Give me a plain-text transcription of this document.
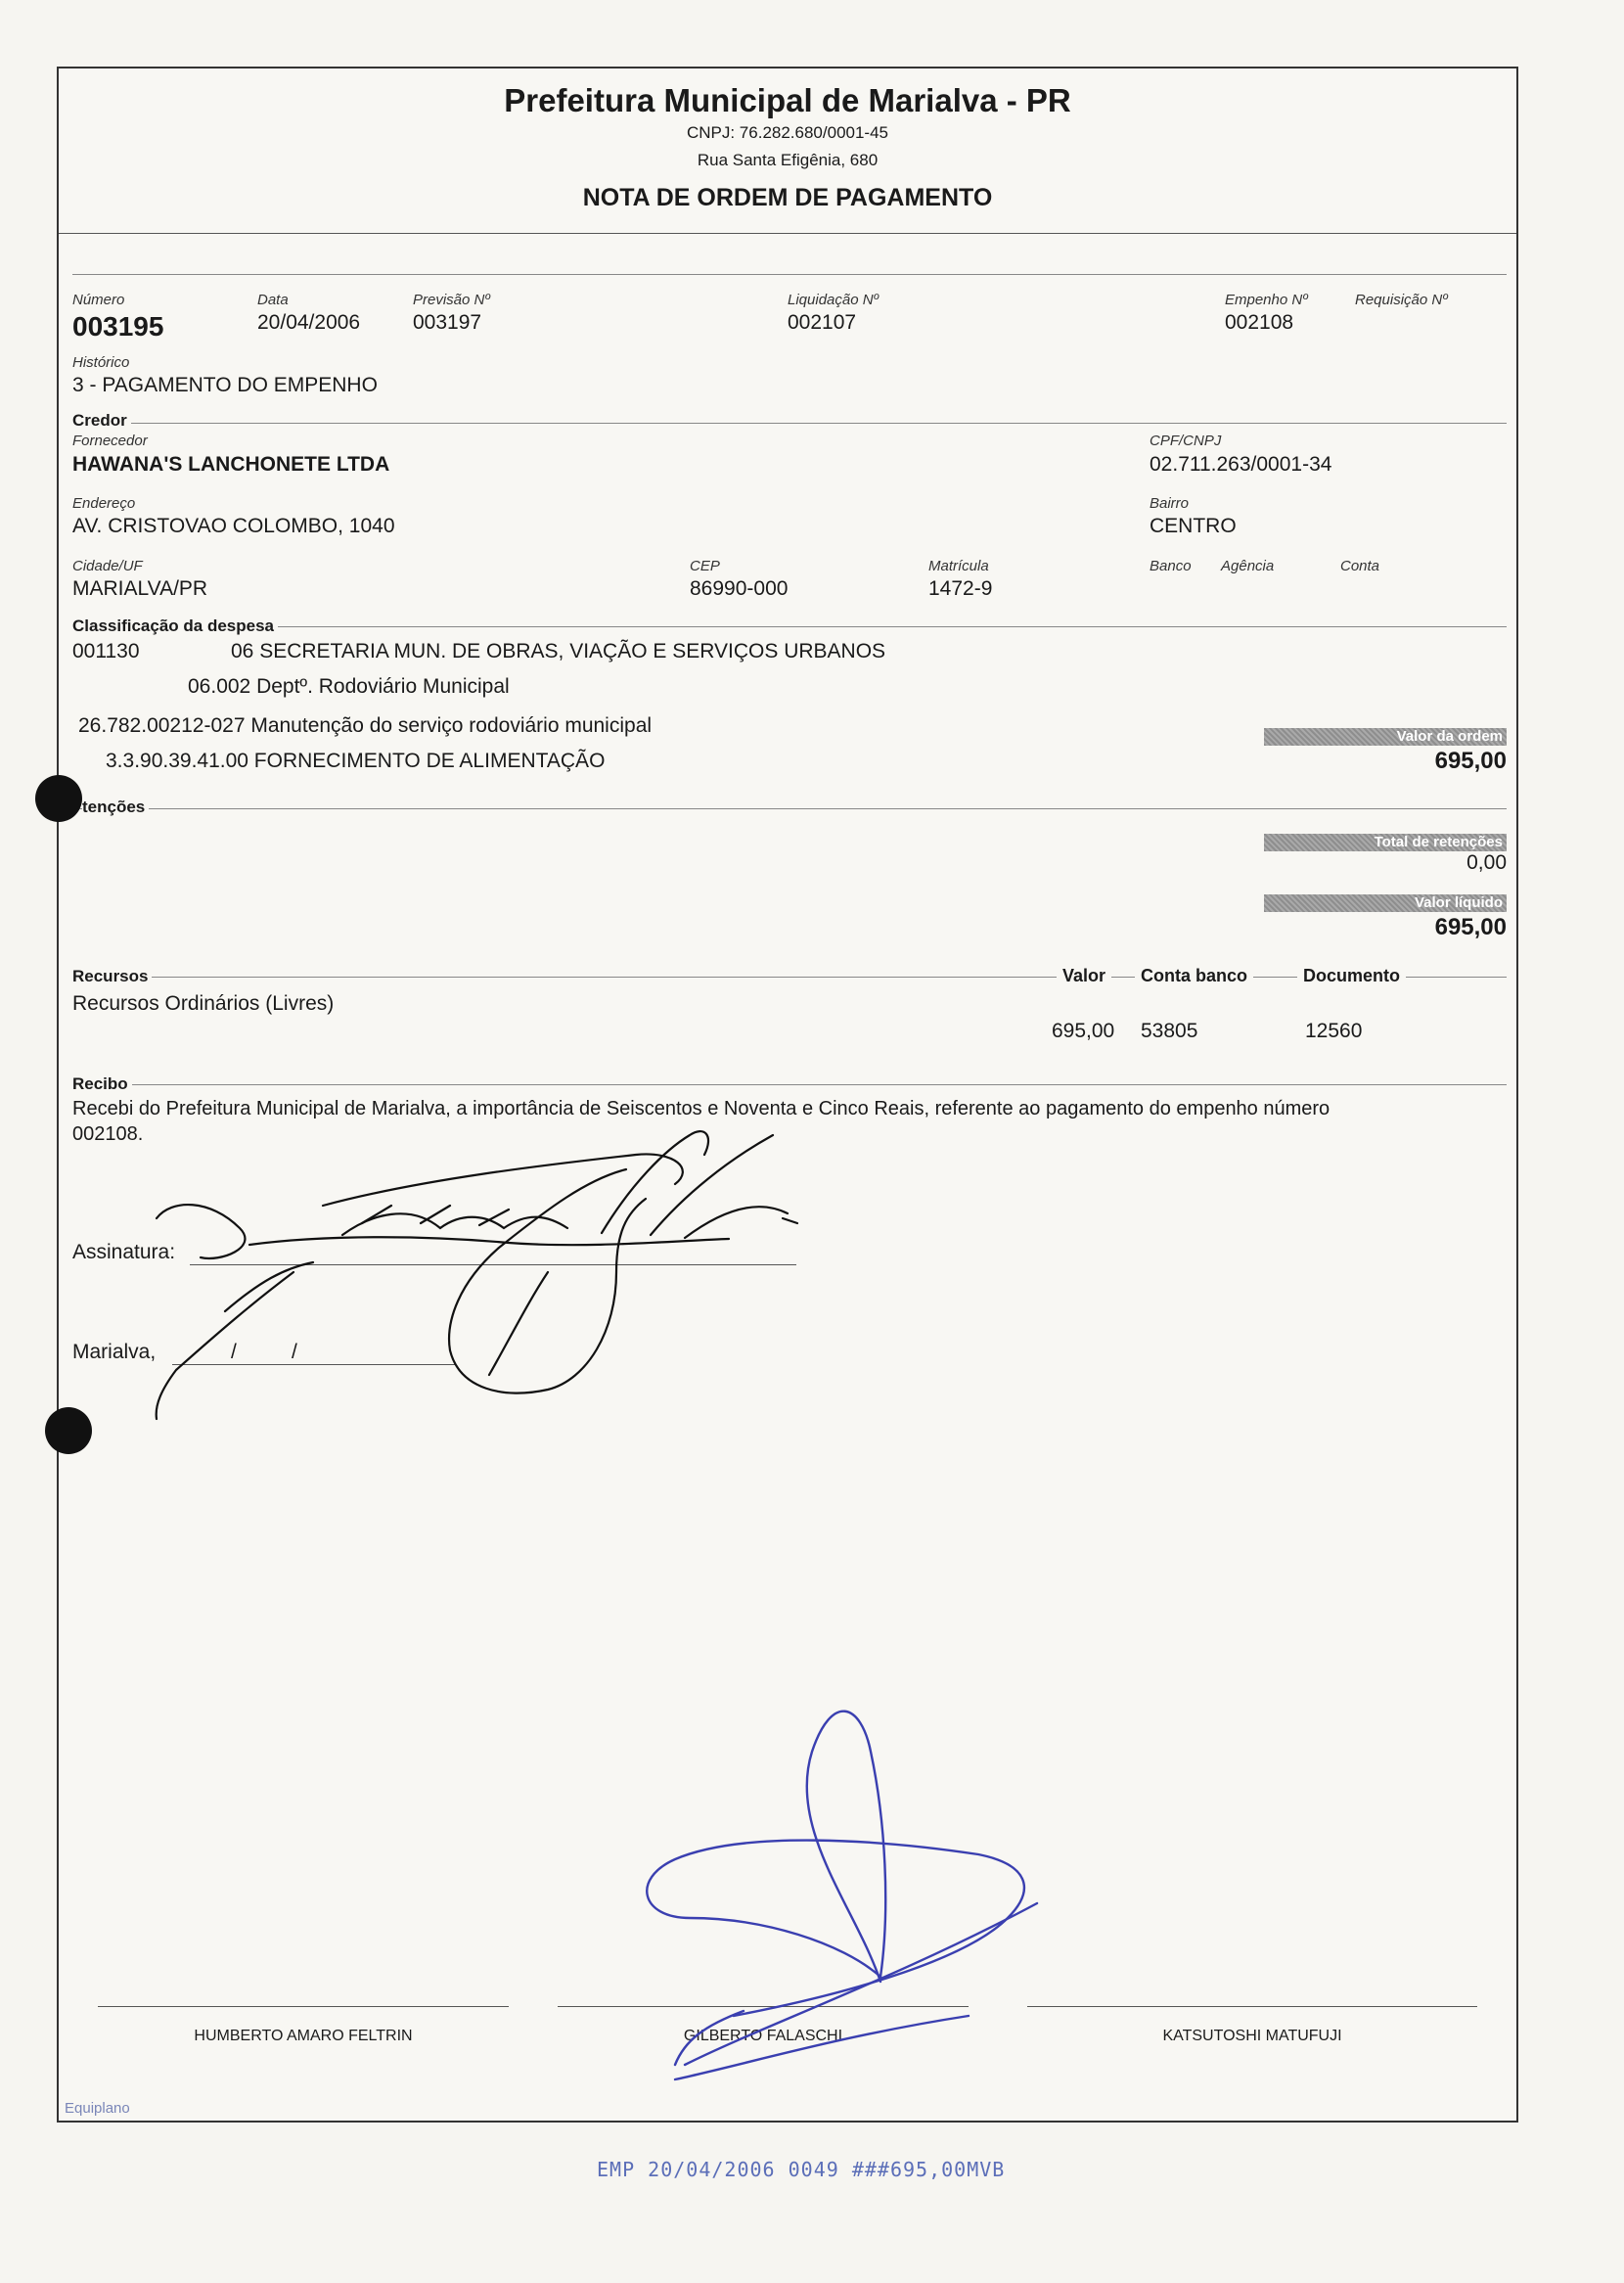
Prefeitura Municipal de Marialva - PR
CNPJ: 76.282.680/0001-45
Rua Santa Efigênia, 680
NOTA DE ORDEM DE PAGAMENTO
Número
003195
Data
20/04/2006
Previsão Nº
003197
Liquidação Nº
002107
Empenho Nº
002108
Requisição Nº
Histórico
3 - PAGAMENTO DO EMPENHO
Credor
Fornecedor
HAWANA'S LANCHONETE LTDA
CPF/CNPJ
02.711.263/0001-34
Endereço
AV. CRISTOVAO COLOMBO, 1040
Bairro
CENTRO
Cidade/UF
MARIALVA/PR
CEP
86990-000
Matrícula
1472-9
Banco Agência	Conta
Classificação da despesa
001130	06 SECRETARIA MUN. DE OBRAS, VIAÇÃO E SERVIÇOS URBANOS
06.002 Deptº. Rodoviário Municipal
26.782.00212-027 Manutenção do serviço rodoviário municipal
3.3.90.39.41.00 FORNECIMENTO DE ALIMENTAÇÃO
Valor da ordem
695,00
tenções
Total de retenções
0,00
Valor líquido
695,00
Recursos	Valor	Conta banco	Documento
Recursos Ordinários (Livres)
695,00 53805	12560
Recibo
Recebi do Prefeitura Municipal de Marialva, a importância de Seiscentos e Noventa e Cinco Reais, referente ao pagamento do empenho número
002108.
Assinatura:
Marialva,	/	/
HUMBERTO AMARO FELTRIN	GILBERTO FALASCHI	KATSUTOSHI MATUFUJI
Equiplano
EMP 20/04/2006 0049 ###695,00MVB
